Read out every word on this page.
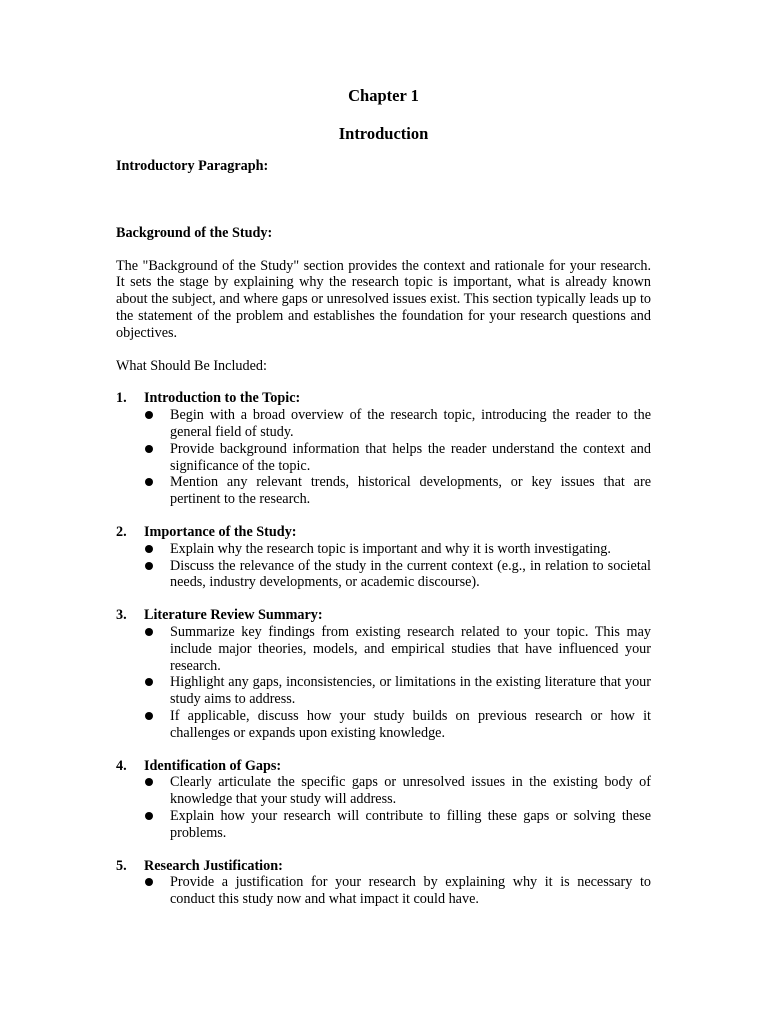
Chapter 1
Introduction
Introductory Paragraph:
Background of the Study:

The "Background of the Study" section provides the context and rationale for your research. It sets the stage by explaining why the research topic is important, what is already known about the subject, and where gaps or unresolved issues exist. This section typically leads up to the statement of the problem and establishes the foundation for your research questions and objectives.

What Should Be Included:
1.	Introduction to the Topic:
Begin with a broad overview of the research topic, introducing the reader to the general field of study.
Provide background information that helps the reader understand the context and significance of the topic.
Mention any relevant trends, historical developments, or key issues that are pertinent to the research.
2.	Importance of the Study:
Explain why the research topic is important and why it is worth investigating.
Discuss the relevance of the study in the current context (e.g., in relation to societal needs, industry developments, or academic discourse).
3.	Literature Review Summary:
Summarize key findings from existing research related to your topic. This may include major theories, models, and empirical studies that have influenced your research.
Highlight any gaps, inconsistencies, or limitations in the existing literature that your study aims to address.
If applicable, discuss how your study builds on previous research or how it challenges or expands upon existing knowledge.
4.	Identification of Gaps:
Clearly articulate the specific gaps or unresolved issues in the existing body of knowledge that your study will address.
Explain how your research will contribute to filling these gaps or solving these problems.
5.	Research Justification:
Provide a justification for your research by explaining why it is necessary to conduct this study now and what impact it could have.
